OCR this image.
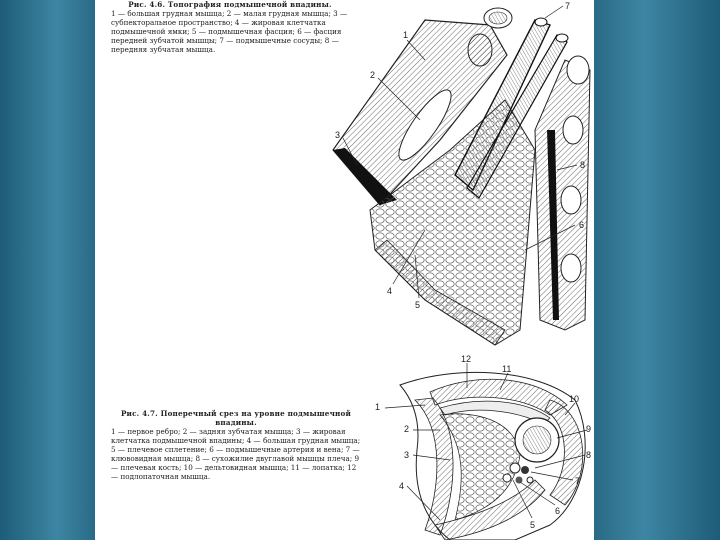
Рис. 4.6. Топография подмышечной впадины.
1 — большая грудная мышца; 2 — малая грудная мышца; 3 — субпекторальное пространство; 4 — жировая клетчатка подмышечной ямки; 5 — подмышечная фасция; 6 — фасция передней зубчатой мышцы; 7 — подмышечные сосуды; 8 — передняя зубчатая мышца.
Рис. 4.7. Поперечный срез на уровне подмышечной впадины.
1 — первое ребро; 2 — задняя зубчатая мышца; 3 — жировая клетчатка подмышечной впадины; 4 — большая грудная мышца; 5 — плечевое сплетение; 6 — подмышечные артерия и вена; 7 — клювовидная мышца; 8 — сухожилие двуглавой мышцы плеча; 9 — плечевая кость; 10 — дельтовидная мышца; 11 — лопатка; 12 — подлопаточная мышца.
1
2
3
4
5
6
8
7
1
2
3
4
5
6
7
8
9
10
11
12
